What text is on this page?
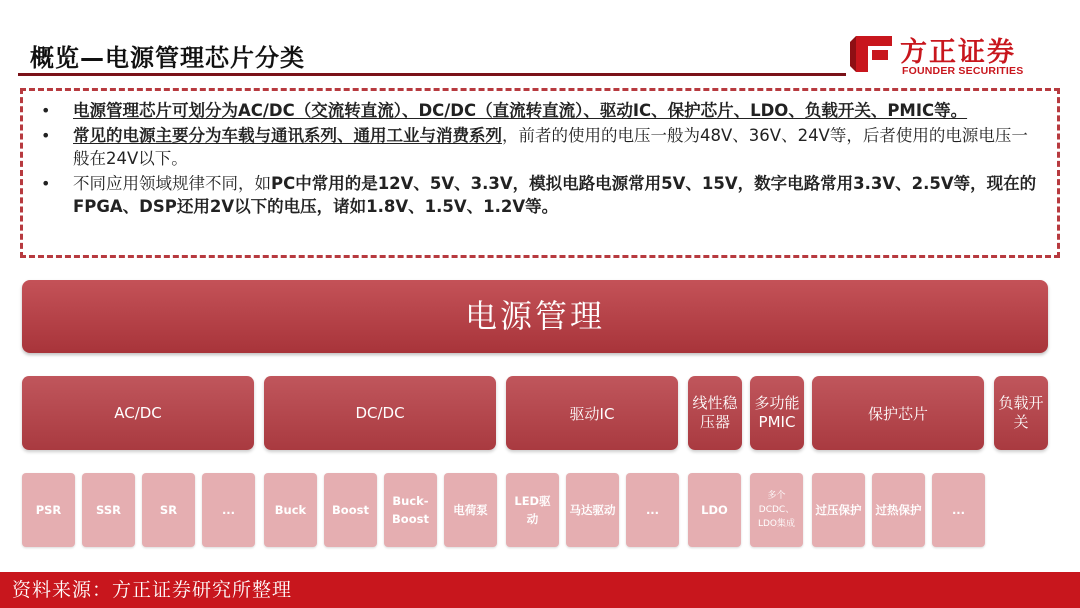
概览—电源管理芯片分类	方正证券
FOUNDER SECURITIES
• 电源管理芯片可划分为AC/DC（交流转直流）、DC/DC（直流转直流）、驱动IC、保护芯片、LDO、负载开关、PMIC等。
• 常见的电源主要分为车载与通讯系列、通用工业与消费系列，前者的使用的电压一般为48V、36V、24V等，后者使用的电源电压一般在24V以下。
• 不同应用领域规律不同，如PC中常用的是12V、5V、3.3V，模拟电路电源常用5V、15V，数字电路常用3.3V、2.5V等，现在的FPGA、DSP还用2V以下的电压，诸如1.8V、1.5V、1.2V等。
电源管理
AC/DC	DC/DC	驱动IC
线性稳压器
多功能PMIC	保护芯片
负载开关
PSR	SSR	SR	...	Buck	Boost
Buck-Boost
电荷泵
LED驱动
马达驱动	...	LDO
多个DCDC、LDO集成
过压保护	过热保护	...
资料来源：方正证券研究所整理
